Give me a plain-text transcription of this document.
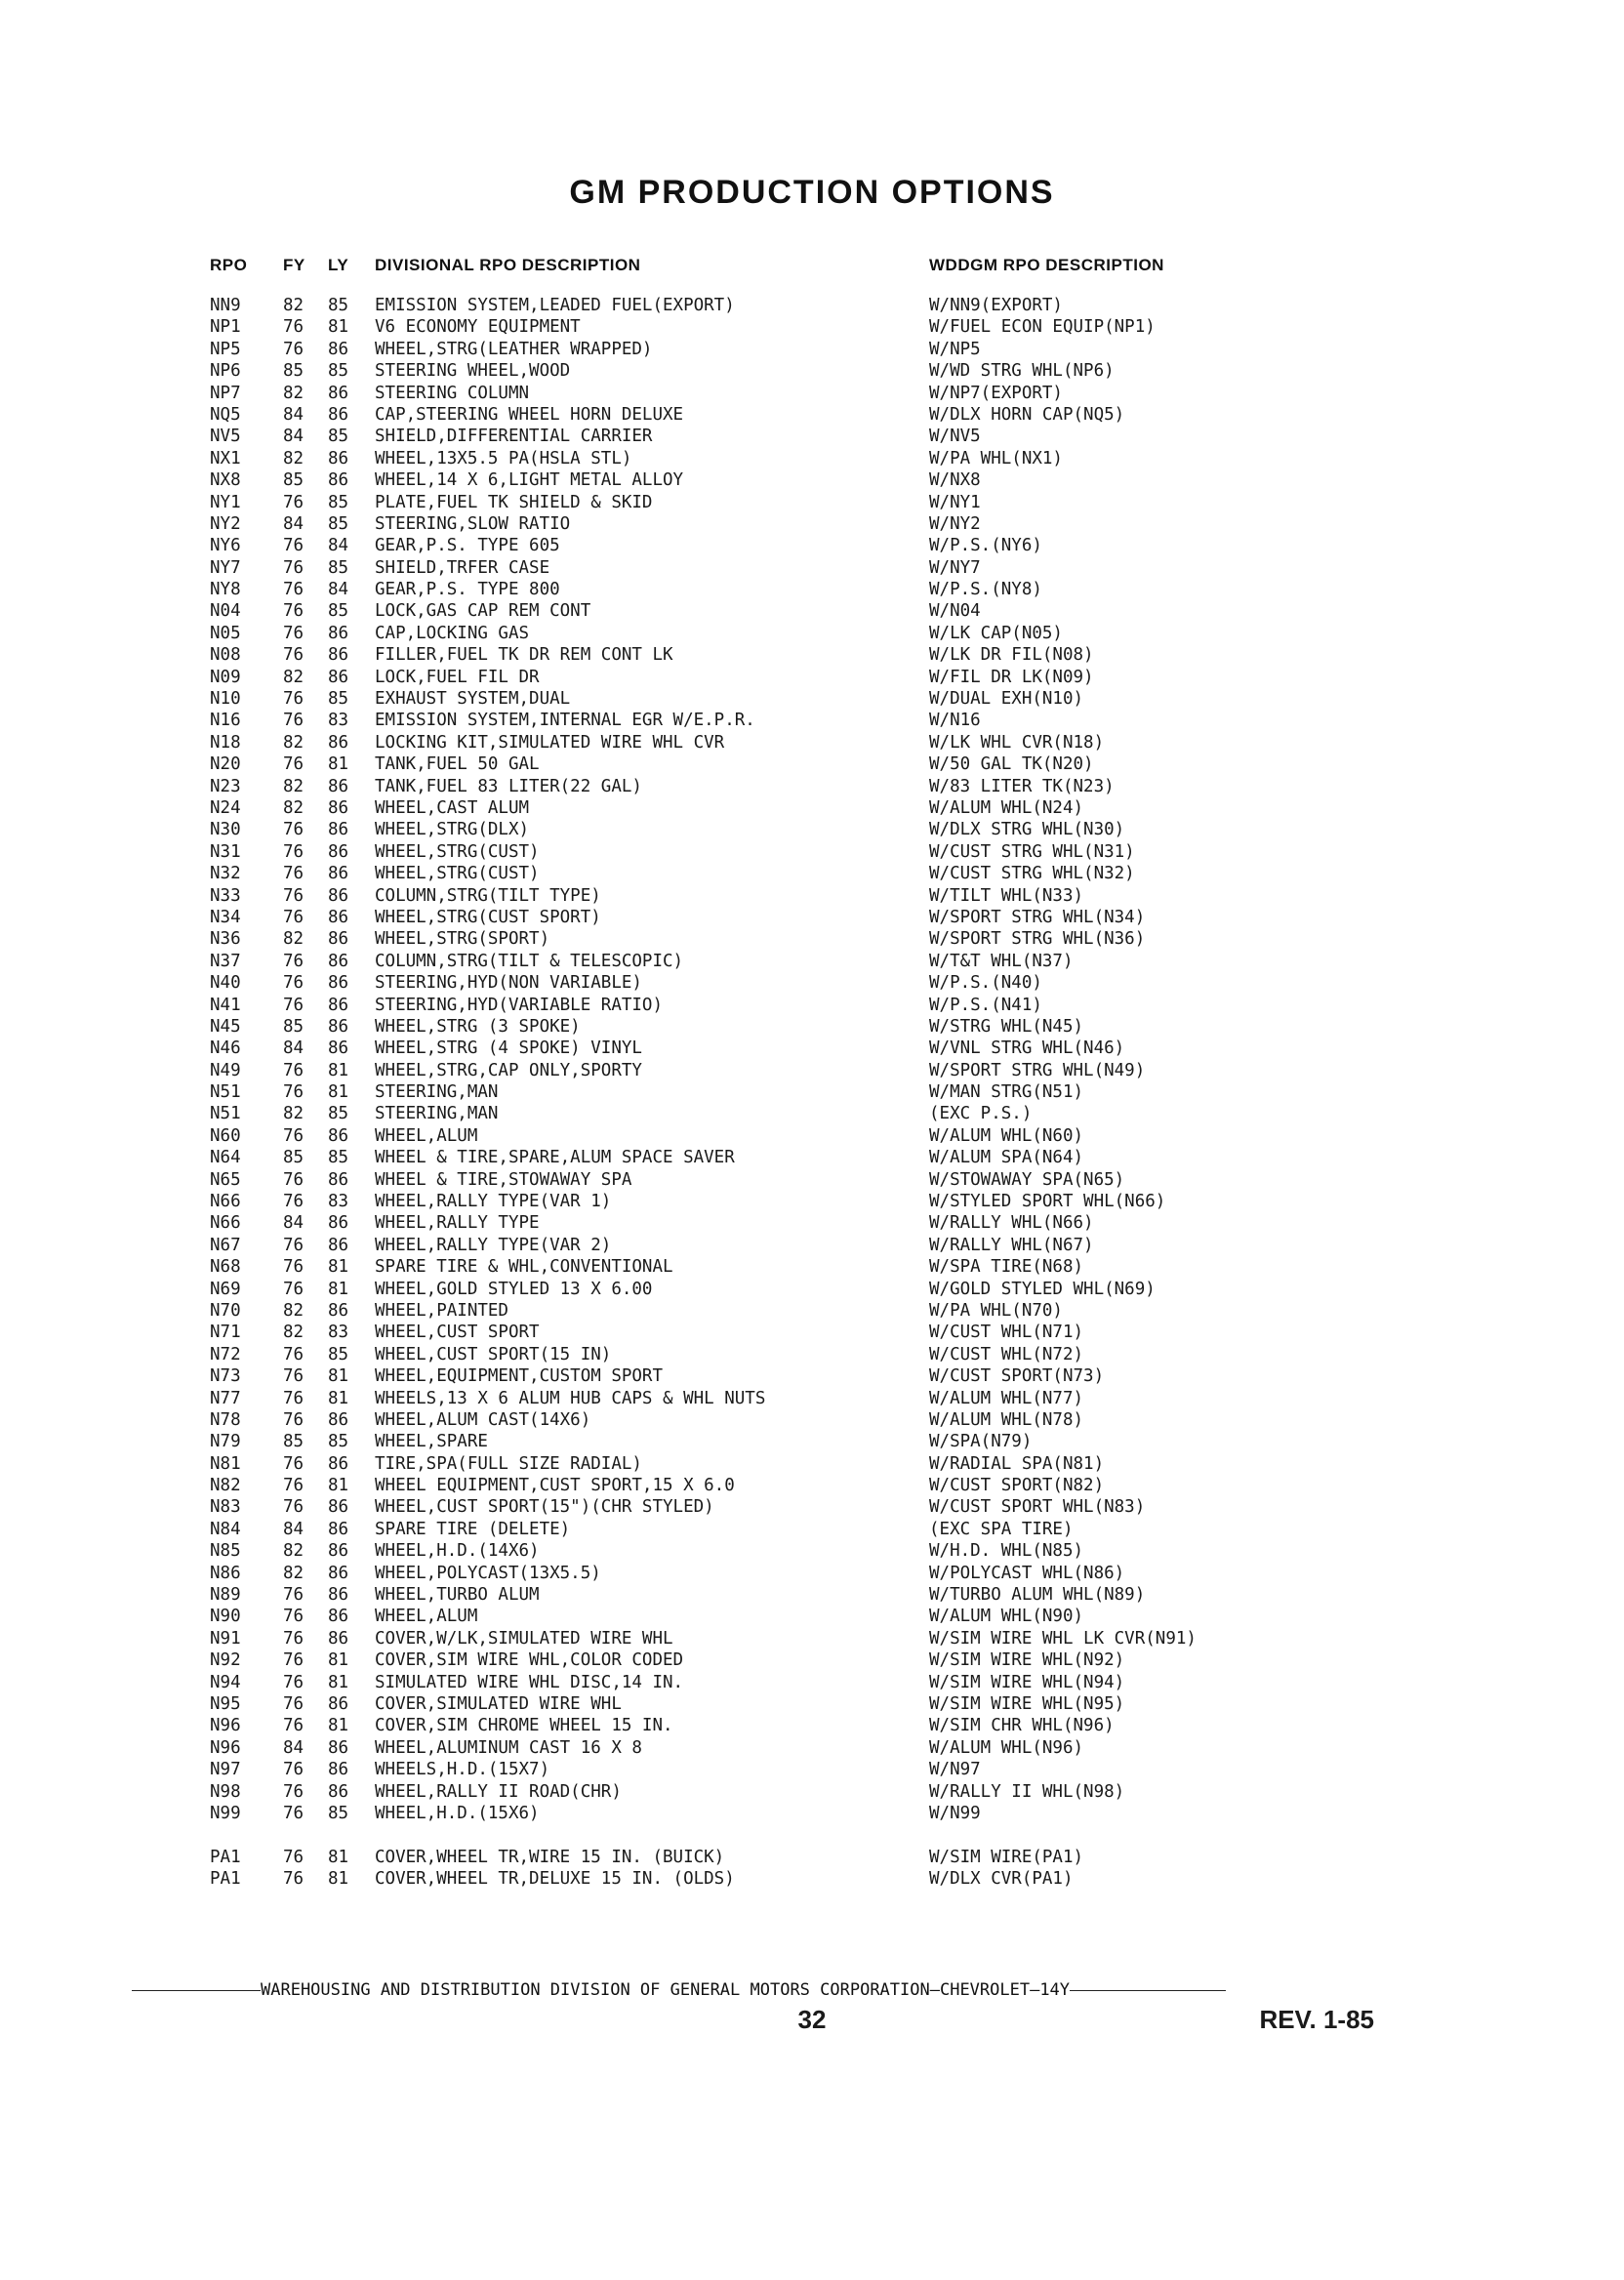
GM PRODUCTION OPTIONS
RPO FY LY DIVISIONAL RPO DESCRIPTION	WDDGM RPO DESCRIPTION
NN9 82 85 EMISSION SYSTEM,LEADED FUEL(EXPORT)	W/NN9(EXPORT)
NP1 76 81 V6 ECONOMY EQUIPMENT	W/FUEL ECON EQUIP(NP1)
NP5 76 86 WHEEL,STRG(LEATHER WRAPPED)	W/NP5
NP6 85 85 STEERING WHEEL,WOOD	W/WD STRG WHL(NP6)
NP7 82 86 STEERING COLUMN	W/NP7(EXPORT)
NQ5 84 86 CAP,STEERING WHEEL HORN DELUXE	W/DLX HORN CAP(NQ5)
NV5 84 85 SHIELD,DIFFERENTIAL CARRIER	W/NV5
NX1 82 86 WHEEL,13X5.5 PA(HSLA STL)	W/PA WHL(NX1)
NX8 85 86 WHEEL,14 X 6,LIGHT METAL ALLOY	W/NX8
NY1 76 85 PLATE,FUEL TK SHIELD & SKID	W/NY1
NY2 84 85 STEERING,SLOW RATIO	W/NY2
NY6 76 84 GEAR,P.S. TYPE 605	W/P.S.(NY6)
NY7 76 85 SHIELD,TRFER CASE	W/NY7
NY8 76 84 GEAR,P.S. TYPE 800	W/P.S.(NY8)
N04 76 85 LOCK,GAS CAP REM CONT	W/N04
N05 76 86 CAP,LOCKING GAS	W/LK CAP(N05)
N08 76 86 FILLER,FUEL TK DR REM CONT LK	W/LK DR FIL(N08)
N09 82 86 LOCK,FUEL FIL DR	W/FIL DR LK(N09)
N10 76 85 EXHAUST SYSTEM,DUAL	W/DUAL EXH(N10)
N16 76 83 EMISSION SYSTEM,INTERNAL EGR W/E.P.R.	W/N16
N18 82 86 LOCKING KIT,SIMULATED WIRE WHL CVR	W/LK WHL CVR(N18)
N20 76 81 TANK,FUEL 50 GAL	W/50 GAL TK(N20)
N23 82 86 TANK,FUEL 83 LITER(22 GAL)	W/83 LITER TK(N23)
N24 82 86 WHEEL,CAST ALUM	W/ALUM WHL(N24)
N30 76 86 WHEEL,STRG(DLX)	W/DLX STRG WHL(N30)
N31 76 86 WHEEL,STRG(CUST)	W/CUST STRG WHL(N31)
N32 76 86 WHEEL,STRG(CUST)	W/CUST STRG WHL(N32)
N33 76 86 COLUMN,STRG(TILT TYPE)	W/TILT WHL(N33)
N34 76 86 WHEEL,STRG(CUST SPORT)	W/SPORT STRG WHL(N34)
N36 82 86 WHEEL,STRG(SPORT)	W/SPORT STRG WHL(N36)
N37 76 86 COLUMN,STRG(TILT & TELESCOPIC)	W/T&T WHL(N37)
N40 76 86 STEERING,HYD(NON VARIABLE)	W/P.S.(N40)
N41 76 86 STEERING,HYD(VARIABLE RATIO)	W/P.S.(N41)
N45 85 86 WHEEL,STRG (3 SPOKE)	W/STRG WHL(N45)
N46 84 86 WHEEL,STRG (4 SPOKE) VINYL	W/VNL STRG WHL(N46)
N49 76 81 WHEEL,STRG,CAP ONLY,SPORTY	W/SPORT STRG WHL(N49)
N51 76 81 STEERING,MAN	W/MAN STRG(N51)
N51 82 85 STEERING,MAN	(EXC P.S.)
N60 76 86 WHEEL,ALUM	W/ALUM WHL(N60)
N64 85 85 WHEEL & TIRE,SPARE,ALUM SPACE SAVER	W/ALUM SPA(N64)
N65 76 86 WHEEL & TIRE,STOWAWAY SPA	W/STOWAWAY SPA(N65)
N66 76 83 WHEEL,RALLY TYPE(VAR 1)	W/STYLED SPORT WHL(N66)
N66 84 86 WHEEL,RALLY TYPE	W/RALLY WHL(N66)
N67 76 86 WHEEL,RALLY TYPE(VAR 2)	W/RALLY WHL(N67)
N68 76 81 SPARE TIRE & WHL,CONVENTIONAL	W/SPA TIRE(N68)
N69 76 81 WHEEL,GOLD STYLED 13 X 6.00	W/GOLD STYLED WHL(N69)
N70 82 86 WHEEL,PAINTED	W/PA WHL(N70)
N71 82 83 WHEEL,CUST SPORT	W/CUST WHL(N71)
N72 76 85 WHEEL,CUST SPORT(15 IN)	W/CUST WHL(N72)
N73 76 81 WHEEL,EQUIPMENT,CUSTOM SPORT	W/CUST SPORT(N73)
N77 76 81 WHEELS,13 X 6 ALUM HUB CAPS & WHL NUTS	W/ALUM WHL(N77)
N78 76 86 WHEEL,ALUM CAST(14X6)	W/ALUM WHL(N78)
N79 85 85 WHEEL,SPARE	W/SPA(N79)
N81 76 86 TIRE,SPA(FULL SIZE RADIAL)	W/RADIAL SPA(N81)
N82 76 81 WHEEL EQUIPMENT,CUST SPORT,15 X 6.0	W/CUST SPORT(N82)
N83 76 86 WHEEL,CUST SPORT(15")(CHR STYLED)	W/CUST SPORT WHL(N83)
N84 84 86 SPARE TIRE (DELETE)	(EXC SPA TIRE)
N85 82 86 WHEEL,H.D.(14X6)	W/H.D. WHL(N85)
N86 82 86 WHEEL,POLYCAST(13X5.5)	W/POLYCAST WHL(N86)
N89 76 86 WHEEL,TURBO ALUM	W/TURBO ALUM WHL(N89)
N90 76 86 WHEEL,ALUM	W/ALUM WHL(N90)
N91 76 86 COVER,W/LK,SIMULATED WIRE WHL	W/SIM WIRE WHL LK CVR(N91)
N92 76 81 COVER,SIM WIRE WHL,COLOR CODED	W/SIM WIRE WHL(N92)
N94 76 81 SIMULATED WIRE WHL DISC,14 IN.	W/SIM WIRE WHL(N94)
N95 76 86 COVER,SIMULATED WIRE WHL	W/SIM WIRE WHL(N95)
N96 76 81 COVER,SIM CHROME WHEEL 15 IN.	W/SIM CHR WHL(N96)
N96 84 86 WHEEL,ALUMINUM CAST 16 X 8	W/ALUM WHL(N96)
N97 76 86 WHEELS,H.D.(15X7)	W/N97
N98 76 86 WHEEL,RALLY II ROAD(CHR)	W/RALLY II WHL(N98)
N99 76 85 WHEEL,H.D.(15X6)	W/N99
PA1 76 81 COVER,WHEEL TR,WIRE 15 IN. (BUICK)	W/SIM WIRE(PA1)
PA1 76 81 COVER,WHEEL TR,DELUXE 15 IN. (OLDS)	W/DLX CVR(PA1)
WAREHOUSING AND DISTRIBUTION DIVISION OF GENERAL MOTORS CORPORATION—CHEVROLET—14Y
32	REV. 1-85
